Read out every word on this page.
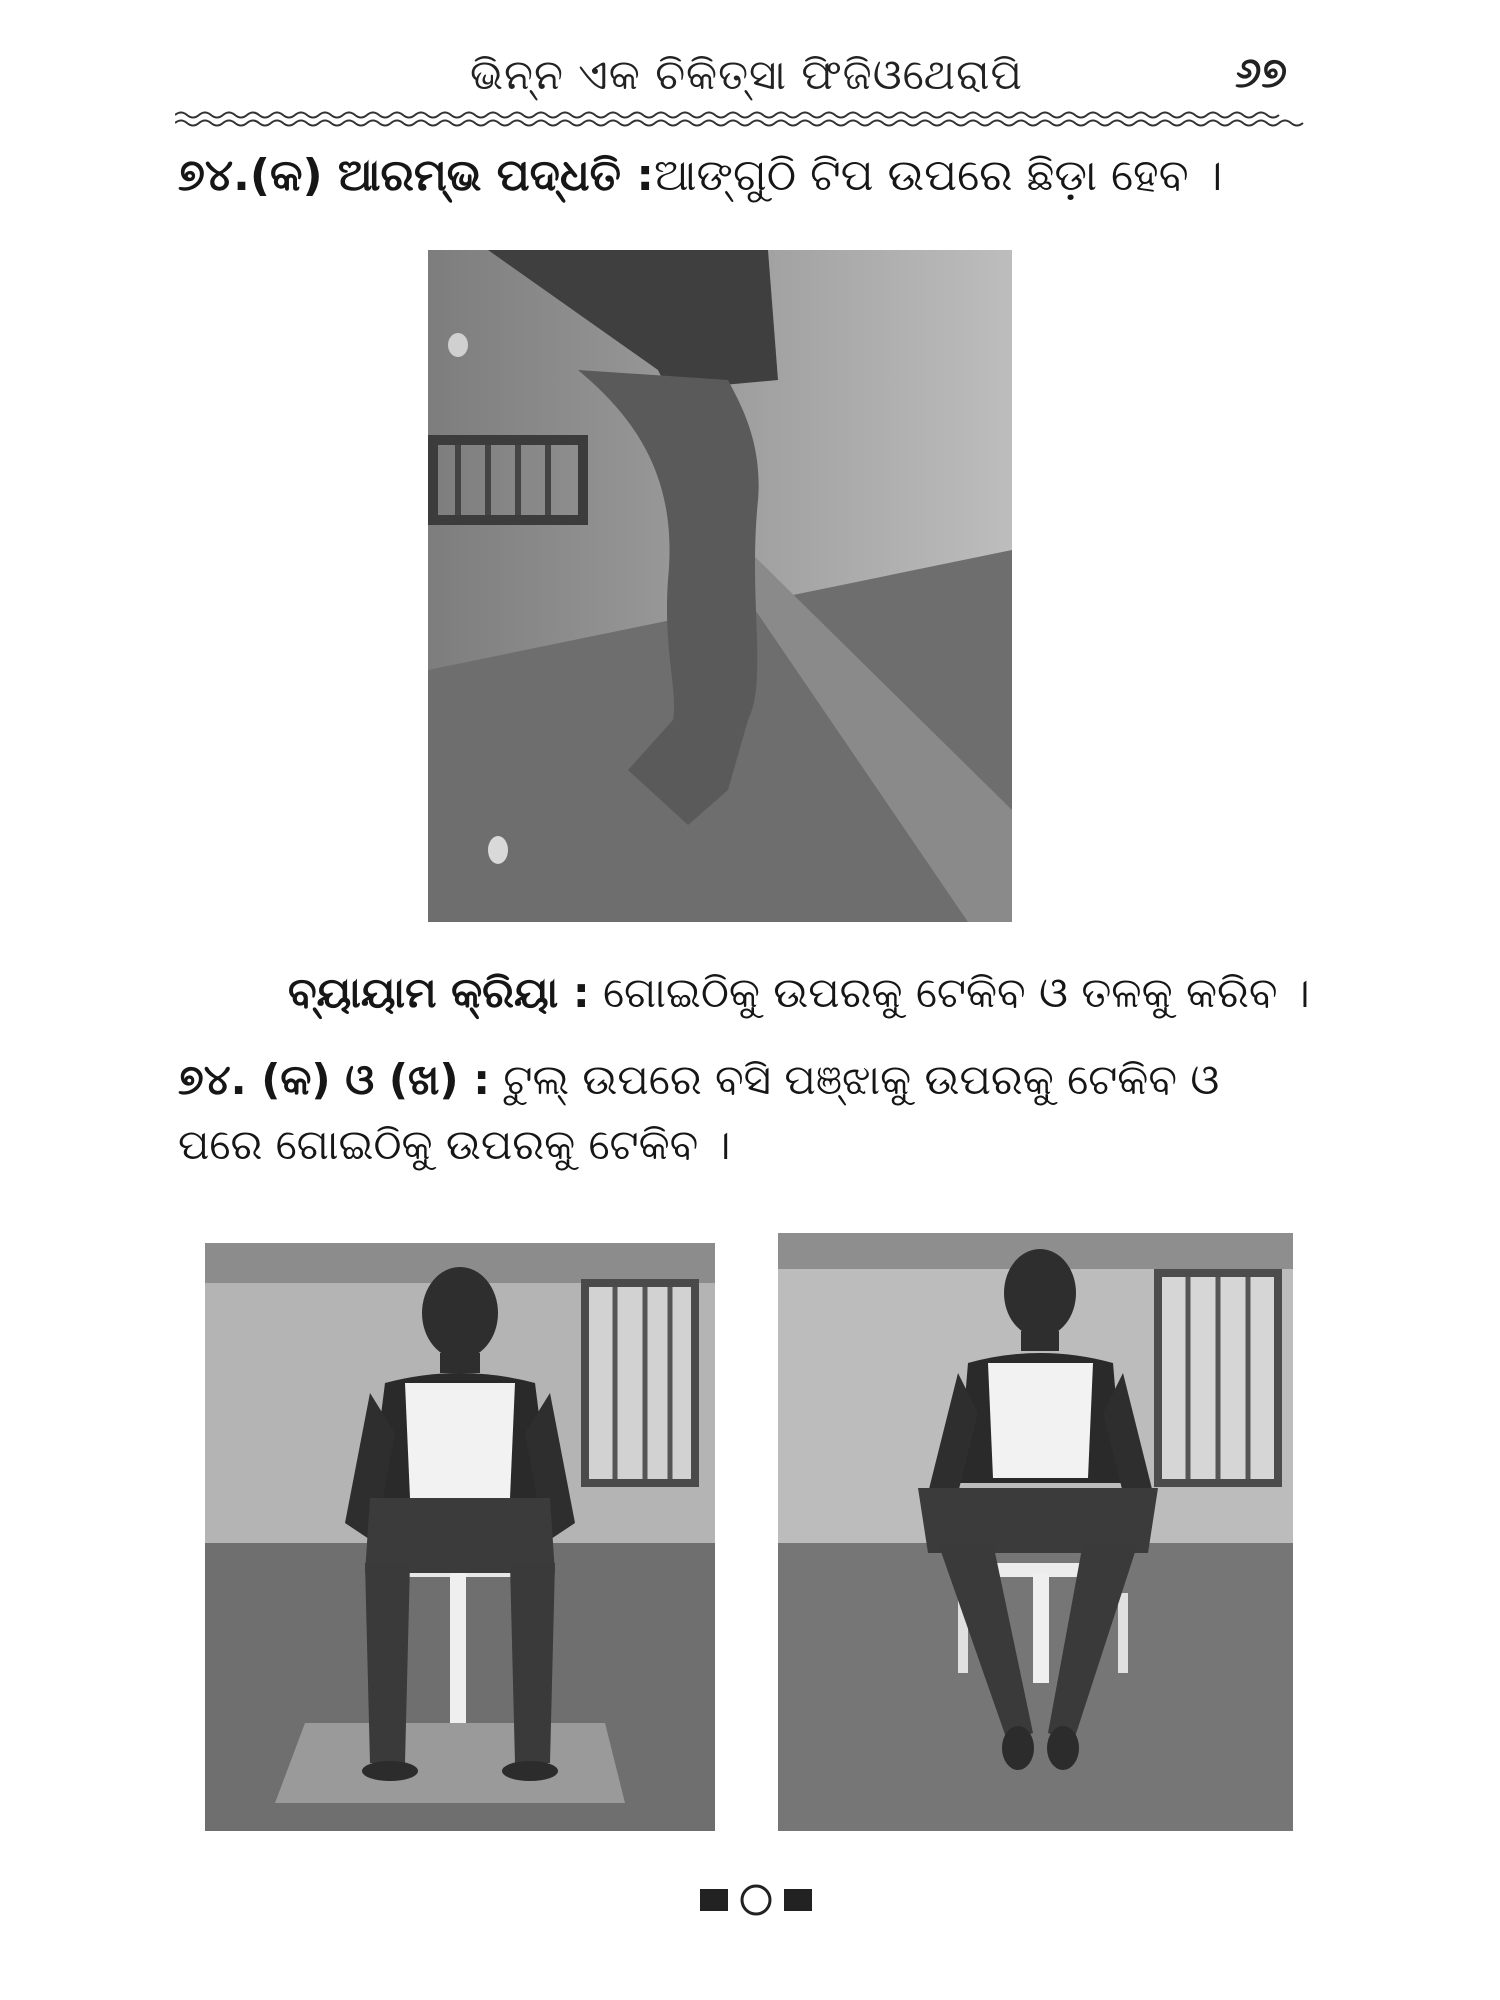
ଭିନ୍ନ ଏକ ଚିକିତ୍ସା ଫିଜିଓଥେରାପି	୬୭
୭୪.(କ) ଆରମ୍ଭ ପଦ୍ଧତି :ଆଙ୍ଗୁଠି ଟିପ ଉପରେ ଛିଡ଼ା ହେବ ।
ବ୍ୟାୟାମ କ୍ରିୟା : ଗୋଇଠିକୁ ଉପରକୁ ଟେକିବ ଓ ତଳକୁ କରିବ ।
୭୪. (କ) ଓ (ଖ) : ଟୁଲ୍ ଉପରେ ବସି ପଞ୍ଝାକୁ ଉପରକୁ ଟେକିବ ଓ
ପରେ ଗୋଇଠିକୁ ଉପରକୁ ଟେକିବ ।
